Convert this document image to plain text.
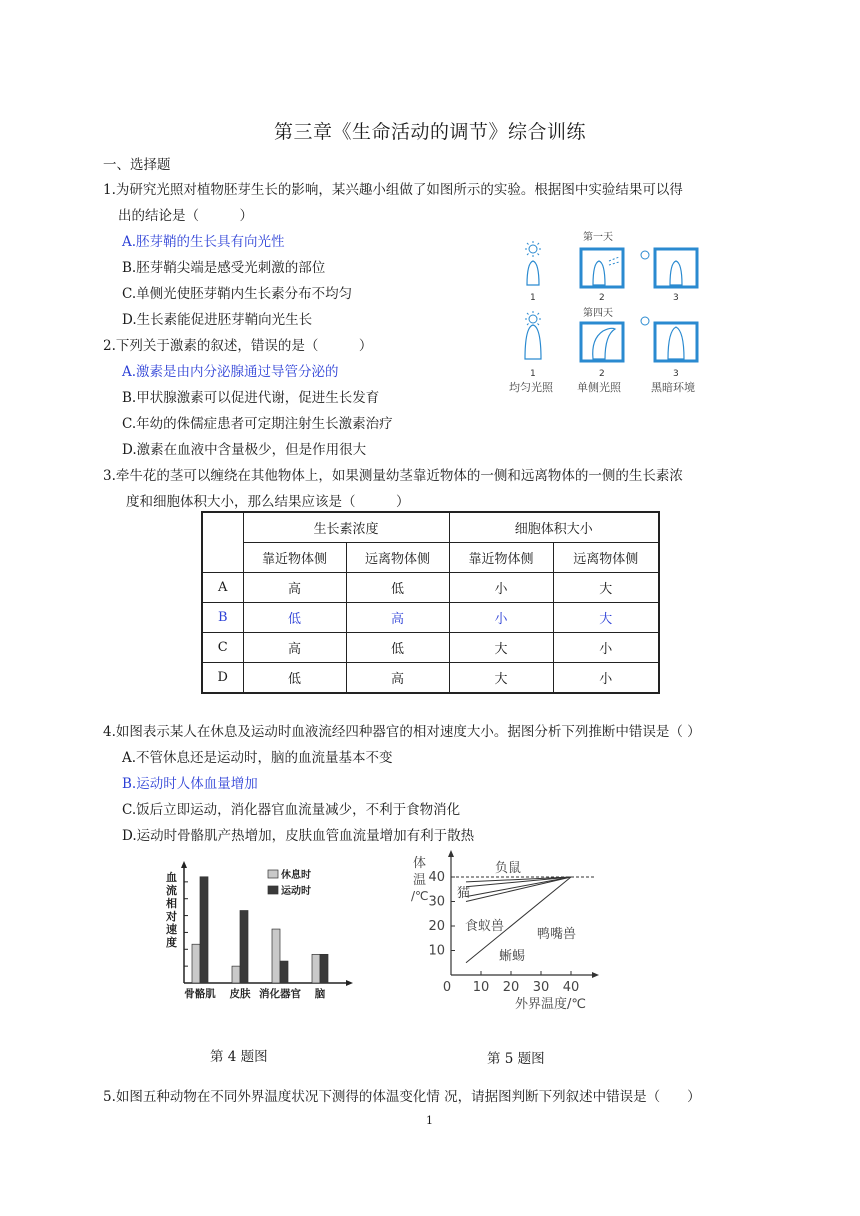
第三章《生命活动的调节》综合训练
一、选择题
1.为研究光照对植物胚芽生长的影响，某兴趣小组做了如图所示的实验。根据图中实验结果可以得
出的结论是（　　　）
A.胚芽鞘的生长具有向光性
B.胚芽鞘尖端是感受光刺激的部位
C.单侧光使胚芽鞘内生长素分布不均匀
D.生长素能促进胚芽鞘向光生长
第一天
第四天
1	2	3
1	2	3
均匀光照 单侧光照	黑暗环境
2.下列关于激素的叙述，错误的是（　　　）
A.激素是由内分泌腺通过导管分泌的
B.甲状腺激素可以促进代谢，促进生长发育
C.年幼的侏儒症患者可定期注射生长激素治疗
D.激素在血液中含量极少，但是作用很大
3.牵牛花的茎可以缠绕在其他物体上，如果测量幼茎靠近物体的一侧和远离物体的一侧的生长素浓
度和细胞体积大小，那么结果应该是（　　　）
	生长素浓度		细胞体积大小	
	靠近物体侧	远离物体侧	靠近物体侧	远离物体侧
A	高	低	小	大
B	低	高	小	大
C	高	低	大	小
D	低	高	大	小
4.如图表示某人在休息及运动时血液流经四种器官的相对速度大小。据图分析下列推断中错误是（ ）
A.不管休息还是运动时，脑的血流量基本不变
B.运动时人体血量增加
C.饭后立即运动，消化器官血流量减少，不利于食物消化
D.运动时骨骼肌产热增加，皮肤血管血流量增加有利于散热
血
流
相
对
速
度
骨骼肌 皮肤 消化器官 脑
休息时
运动时
体
温
/℃
10
20
30
40
0 10 20 30 40
负鼠
猫
食蚁兽
鸭嘴兽
蜥蜴
外界温度/℃
第 4 题图	第 5 题图
5.如图五种动物在不同外界温度状况下测得的体温变化情 况，请据图判断下列叙述中错误是（　　）
1
